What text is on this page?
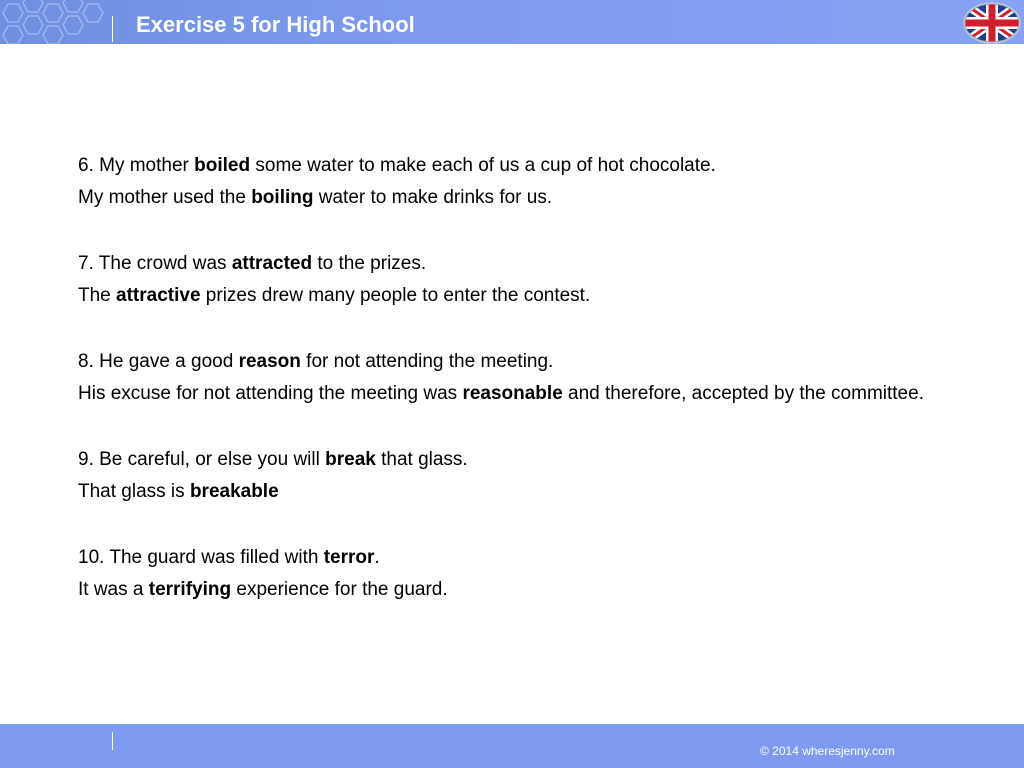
Exercise 5 for High School

6. My mother boiled some water to make each of us a cup of hot chocolate.

My mother used the boiling water to make drinks for us.

7. The crowd was attracted to the prizes.

The attractive prizes drew many people to enter the contest.

8. He gave a good reason for not attending the meeting.

His excuse for not attending the meeting was reasonable and therefore, accepted by the committee.

9. Be careful, or else you will break that glass.

That glass is breakable

10. The guard was filled with terror.

It was a terrifying experience for the guard.

© 2014 wheresjenny.com
